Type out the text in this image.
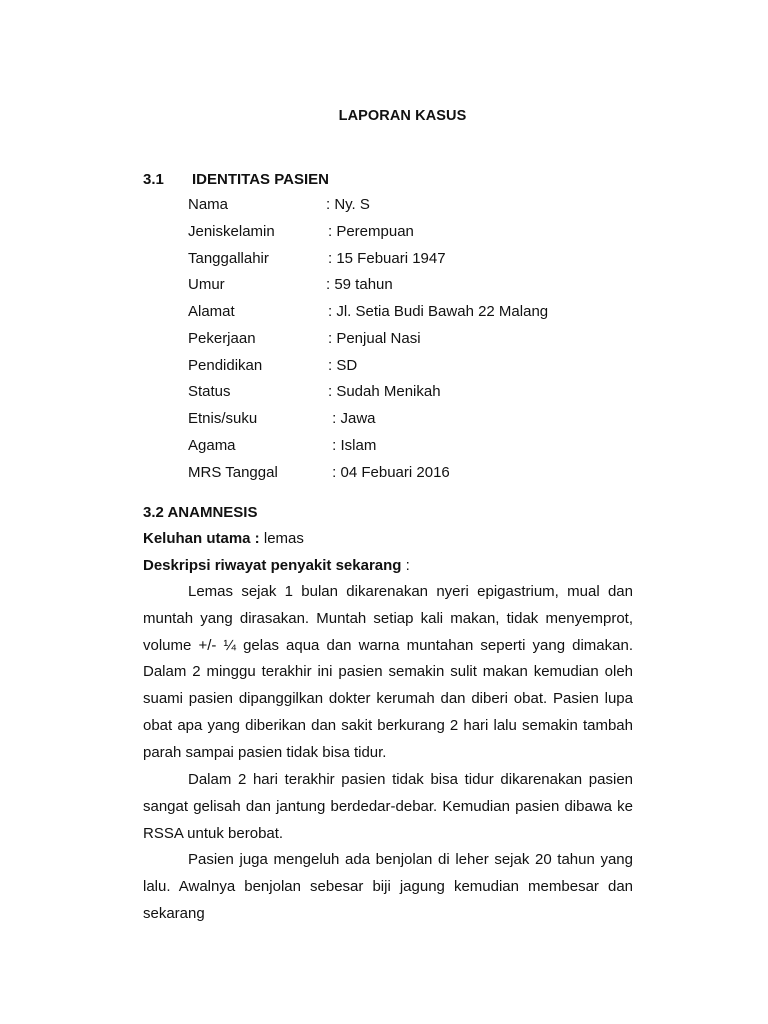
LAPORAN KASUS
3.1 IDENTITAS PASIEN
Nama	: Ny. S
Jeniskelamin	: Perempuan
Tanggallahir	: 15 Febuari 1947
Umur	: 59 tahun
Alamat	: Jl. Setia Budi Bawah 22 Malang
Pekerjaan	: Penjual Nasi
Pendidikan	: SD
Status	: Sudah Menikah
Etnis/suku	: Jawa
Agama	: Islam
MRS Tanggal	: 04 Febuari 2016
3.2 ANAMNESIS
Keluhan utama : lemas
Deskripsi riwayat penyakit sekarang :

Lemas sejak 1 bulan dikarenakan nyeri epigastrium, mual dan muntah yang dirasakan. Muntah setiap kali makan, tidak menyemprot, volume +/- ¼ gelas aqua dan warna muntahan seperti yang dimakan. Dalam 2 minggu terakhir ini pasien semakin sulit makan kemudian oleh suami pasien dipanggilkan dokter kerumah dan diberi obat. Pasien lupa obat apa yang diberikan dan sakit berkurang 2 hari lalu semakin tambah parah sampai pasien tidak bisa tidur.

Dalam 2 hari terakhir pasien tidak bisa tidur dikarenakan pasien sangat gelisah dan jantung berdedar-debar. Kemudian pasien dibawa ke RSSA untuk berobat.

Pasien juga mengeluh ada benjolan di leher sejak 20 tahun yang lalu. Awalnya benjolan sebesar biji jagung kemudian membesar dan sekarang
